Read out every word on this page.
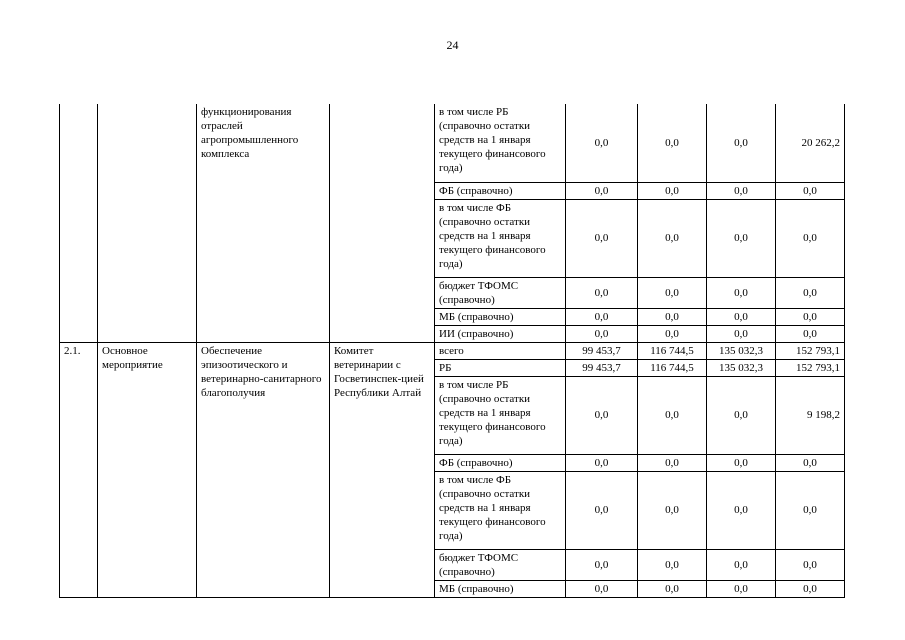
24
		функционирования отраслей агропромышленного комплекса		в том числе РБ (справочно остатки средств на 1 января текущего финансового года)	0,0	0,0	0,0	20 262,2
				ФБ (справочно)	0,0	0,0	0,0	0,0
				в том числе ФБ (справочно остатки средств на 1 января текущего финансового года)	0,0	0,0	0,0	0,0
				бюджет ТФОМС (справочно)	0,0	0,0	0,0	0,0
				МБ (справочно)	0,0	0,0	0,0	0,0
				ИИ (справочно)	0,0	0,0	0,0	0,0
2.1.	Основное мероприятие	Обеспечение эпизоотического и ветеринарно-санитарного благополучия	Комитет ветеринарии с Госветинспек-цией Республики Алтай	всего	99 453,7	116 744,5	135 032,3	152 793,1
				РБ	99 453,7	116 744,5	135 032,3	152 793,1
				в том числе РБ (справочно остатки средств на 1 января текущего финансового года)	0,0	0,0	0,0	9 198,2
				ФБ (справочно)	0,0	0,0	0,0	0,0
				в том числе ФБ (справочно остатки средств на 1 января текущего финансового года)	0,0	0,0	0,0	0,0
				бюджет ТФОМС (справочно)	0,0	0,0	0,0	0,0
				МБ (справочно)	0,0	0,0	0,0	0,0
